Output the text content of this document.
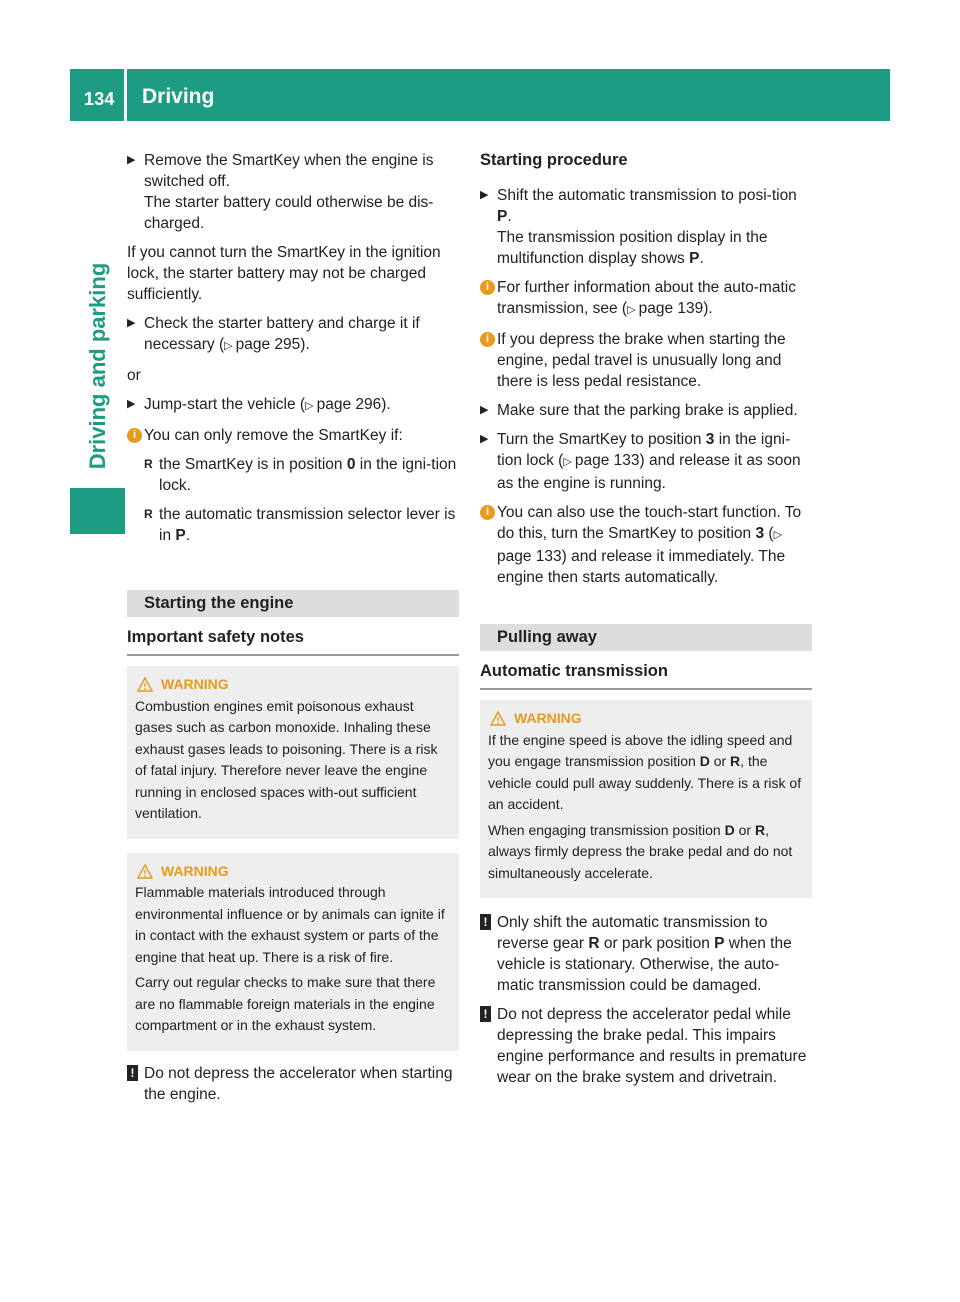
134 Driving
Driving and parking
▶ Remove the SmartKey when the engine is switched off.
The starter battery could otherwise be dis-charged.

If you cannot turn the SmartKey in the ignition lock, the starter battery may not be charged sufficiently.

▶ Check the starter battery and charge it if necessary (▷ page 295).

or

▶ Jump-start the vehicle (▷ page 296).
i You can only remove the SmartKey if:
R the SmartKey is in position 0 in the igni-tion lock.
R the automatic transmission selector lever is in P.
Starting the engine
Important safety notes
WARNING

Combustion engines emit poisonous exhaust gases such as carbon monoxide. Inhaling these exhaust gases leads to poisoning. There is a risk of fatal injury. Therefore never leave the engine running in enclosed spaces with-out sufficient ventilation.

WARNING

Flammable materials introduced through environmental influence or by animals can ignite if in contact with the exhaust system or parts of the engine that heat up. There is a risk of fire.

Carry out regular checks to make sure that there are no flammable foreign materials in the engine compartment or in the exhaust system.

! Do not depress the accelerator when starting the engine.
Starting procedure
▶ Shift the automatic transmission to posi-tion P.
The transmission position display in the multifunction display shows P.
i For further information about the auto-matic transmission, see (▷ page 139).
i If you depress the brake when starting the engine, pedal travel is unusually long and there is less pedal resistance.
▶ Make sure that the parking brake is applied.
▶ Turn the SmartKey to position 3 in the igni-tion lock (▷ page 133) and release it as soon as the engine is running.
i You can also use the touch-start function. To do this, turn the SmartKey to position 3 (▷ page 133) and release it immediately. The engine then starts automatically.
Pulling away
Automatic transmission
WARNING

If the engine speed is above the idling speed and you engage transmission position D or R, the vehicle could pull away suddenly. There is a risk of an accident.

When engaging transmission position D or R, always firmly depress the brake pedal and do not simultaneously accelerate.

! Only shift the automatic transmission to reverse gear R or park position P when the vehicle is stationary. Otherwise, the auto-matic transmission could be damaged.
! Do not depress the accelerator pedal while depressing the brake pedal. This impairs engine performance and results in premature wear on the brake system and drivetrain.
